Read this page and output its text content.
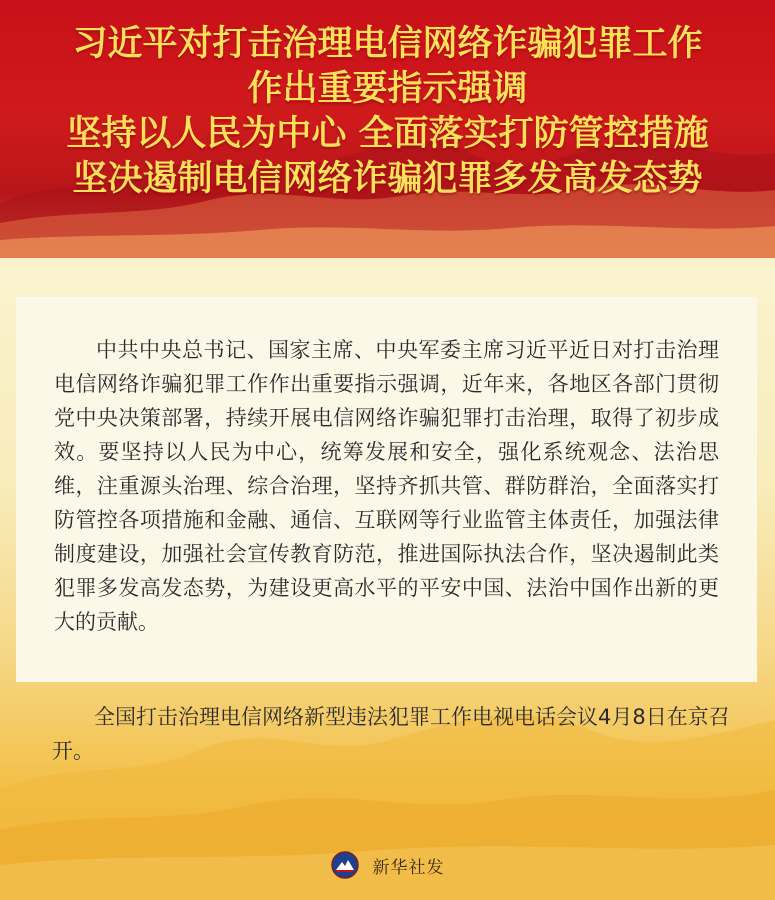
习近平对打击治理电信网络诈骗犯罪工作
作出重要指示强调
坚持以人民为中心 全面落实打防管控措施
坚决遏制电信网络诈骗犯罪多发高发态势

中共中央总书记、国家主席、中央军委主席习近平近日对打击治理电信网络诈骗犯罪工作作出重要指示强调，近年来，各地区各部门贯彻党中央决策部署，持续开展电信网络诈骗犯罪打击治理，取得了初步成效。要坚持以人民为中心，统筹发展和安全，强化系统观念、法治思维，注重源头治理、综合治理，坚持齐抓共管、群防群治，全面落实打防管控各项措施和金融、通信、互联网等行业监管主体责任，加强法律制度建设，加强社会宣传教育防范，推进国际执法合作，坚决遏制此类犯罪多发高发态势，为建设更高水平的平安中国、法治中国作出新的更大的贡献。

全国打击治理电信网络新型违法犯罪工作电视电话会议4月8日在京召开。

新华社发
